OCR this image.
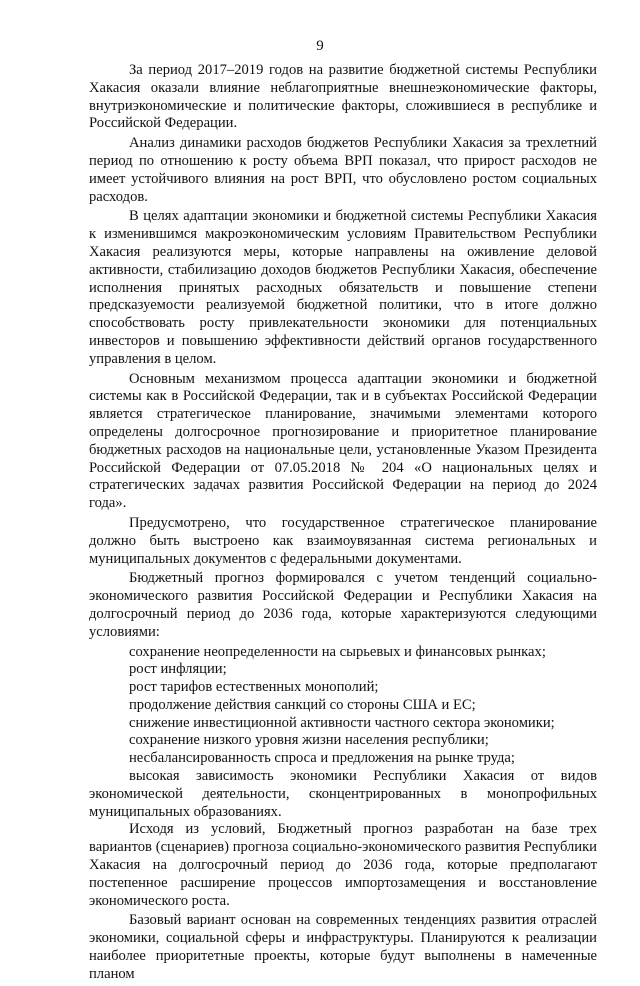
9

За период 2017–2019 годов на развитие бюджетной системы Республики Хакасия оказали влияние неблагоприятные внешнеэкономические факторы, внутриэкономические и политические факторы, сложившиеся в республике и Российской Федерации.

Анализ динамики расходов бюджетов Республики Хакасия за трехлетний период по отношению к росту объема ВРП показал, что прирост расходов не имеет устойчивого влияния на рост ВРП, что обусловлено ростом социальных расходов.

В целях адаптации экономики и бюджетной системы Республики Хакасия к изменившимся макроэкономическим условиям Правительством Республики Хакасия реализуются меры, которые направлены на оживление деловой активности, стабилизацию доходов бюджетов Республики Хакасия, обеспечение исполнения принятых расходных обязательств и повышение степени предсказуемости реализуемой бюджетной политики, что в итоге должно способствовать росту привлекательности экономики для потенциальных инвесторов и повышению эффективности действий органов государственного управления в целом.

Основным механизмом процесса адаптации экономики и бюджетной системы как в Российской Федерации, так и в субъектах Российской Федерации является стратегическое планирование, значимыми элементами которого определены долгосрочное прогнозирование и приоритетное планирование бюджетных расходов на национальные цели, установленные Указом Президента Российской Федерации от 07.05.2018 № 204 «О национальных целях и стратегических задачах развития Российской Федерации на период до 2024 года».

Предусмотрено, что государственное стратегическое планирование должно быть выстроено как взаимоувязанная система региональных и муниципальных документов с федеральными документами.

Бюджетный прогноз формировался с учетом тенденций социально-экономического развития Российской Федерации и Республики Хакасия на долгосрочный период до 2036 года, которые характеризуются следующими условиями:

сохранение неопределенности на сырьевых и финансовых рынках;

рост инфляции;

рост тарифов естественных монополий;

продолжение действия санкций со стороны США и ЕС;

снижение инвестиционной активности частного сектора экономики;

сохранение низкого уровня жизни населения республики;

несбалансированность спроса и предложения на рынке труда;

высокая зависимость экономики Республики Хакасия от видов экономической деятельности, сконцентрированных в монопрофильных муниципальных образованиях.

Исходя из условий, Бюджетный прогноз разработан на базе трех вариантов (сценариев) прогноза социально-экономического развития Республики Хакасия на долгосрочный период до 2036 года, которые предполагают постепенное расширение процессов импортозамещения и восстановление экономического роста.

Базовый вариант основан на современных тенденциях развития отраслей экономики, социальной сферы и инфраструктуры. Планируются к реализации наиболее приоритетные проекты, которые будут выполнены в намеченные планом
